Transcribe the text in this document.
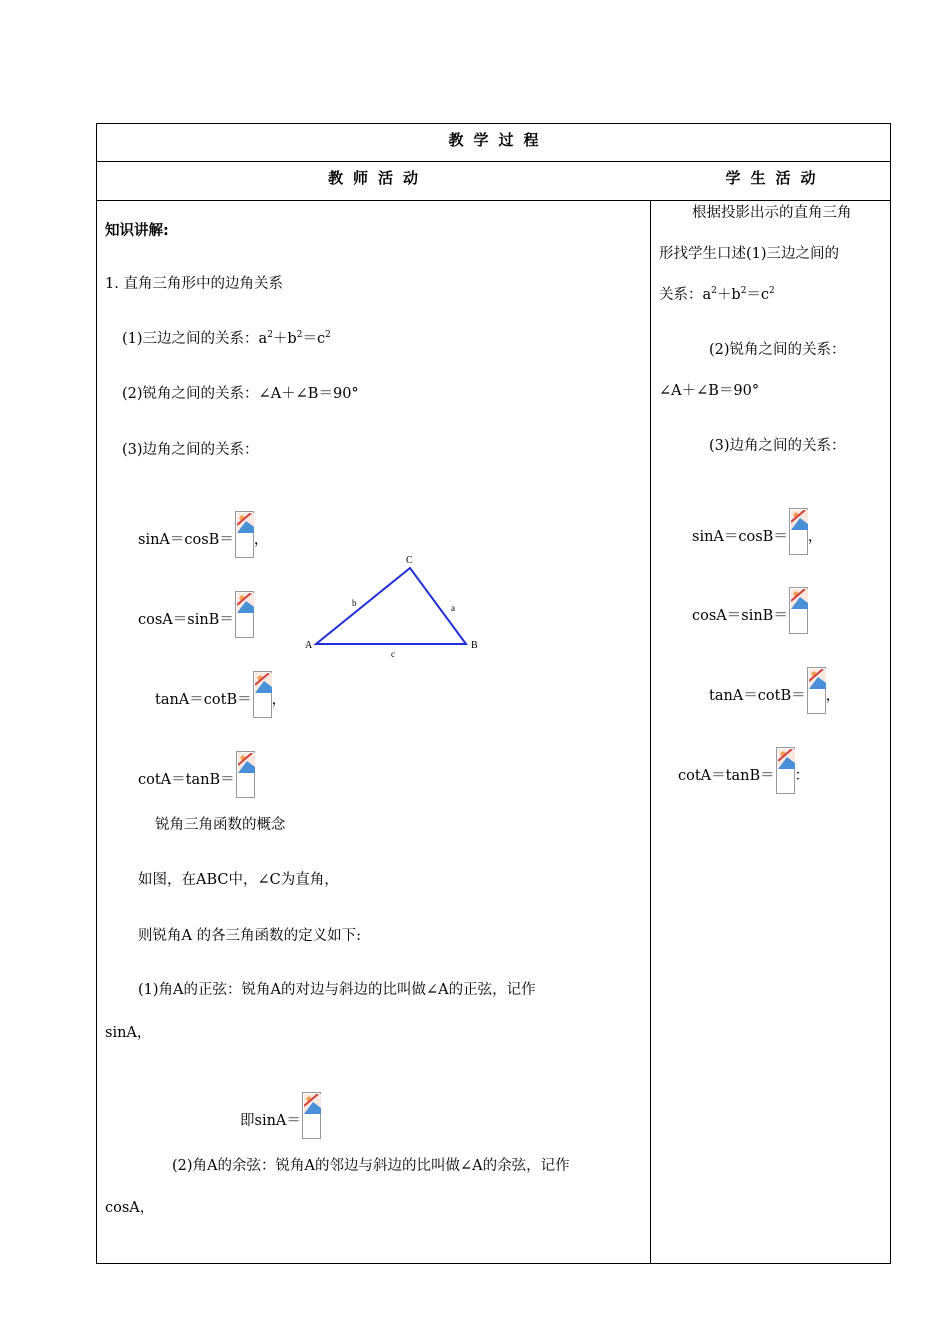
教学过程
教师活动	学生活动
知识讲解:
1. 直角三角形中的边角关系
(1)三边之间的关系：$a^2+b^2=c^2$
(2)锐角之间的关系：∠A＋∠B＝90°
(3)边角之间的关系：
sinA＝cosB＝ ，
cosA＝sinB＝
tanA＝cotB＝ ，
cotA＝tanB＝
A	B
C
a
b
c
锐角三角函数的概念
如图，在ABC中，∠C为直角，
则锐角A 的各三角函数的定义如下:
(1)角A的正弦：锐角A的对边与斜边的比叫做∠A的正弦，记作
sinA，
即sinA＝
(2)角A的余弦：锐角A的邻边与斜边的比叫做∠A的余弦，记作
cosA，
根据投影出示的直角三角
形找学生口述(1)三边之间的
关系：$a^2+b^2=c^2$
(2)锐角之间的关系：
∠A＋∠B＝90°
(3)边角之间的关系：
sinA＝cosB＝ ，
cosA＝sinB＝
tanA＝cotB＝ ，
cotA＝tanB＝ ：
